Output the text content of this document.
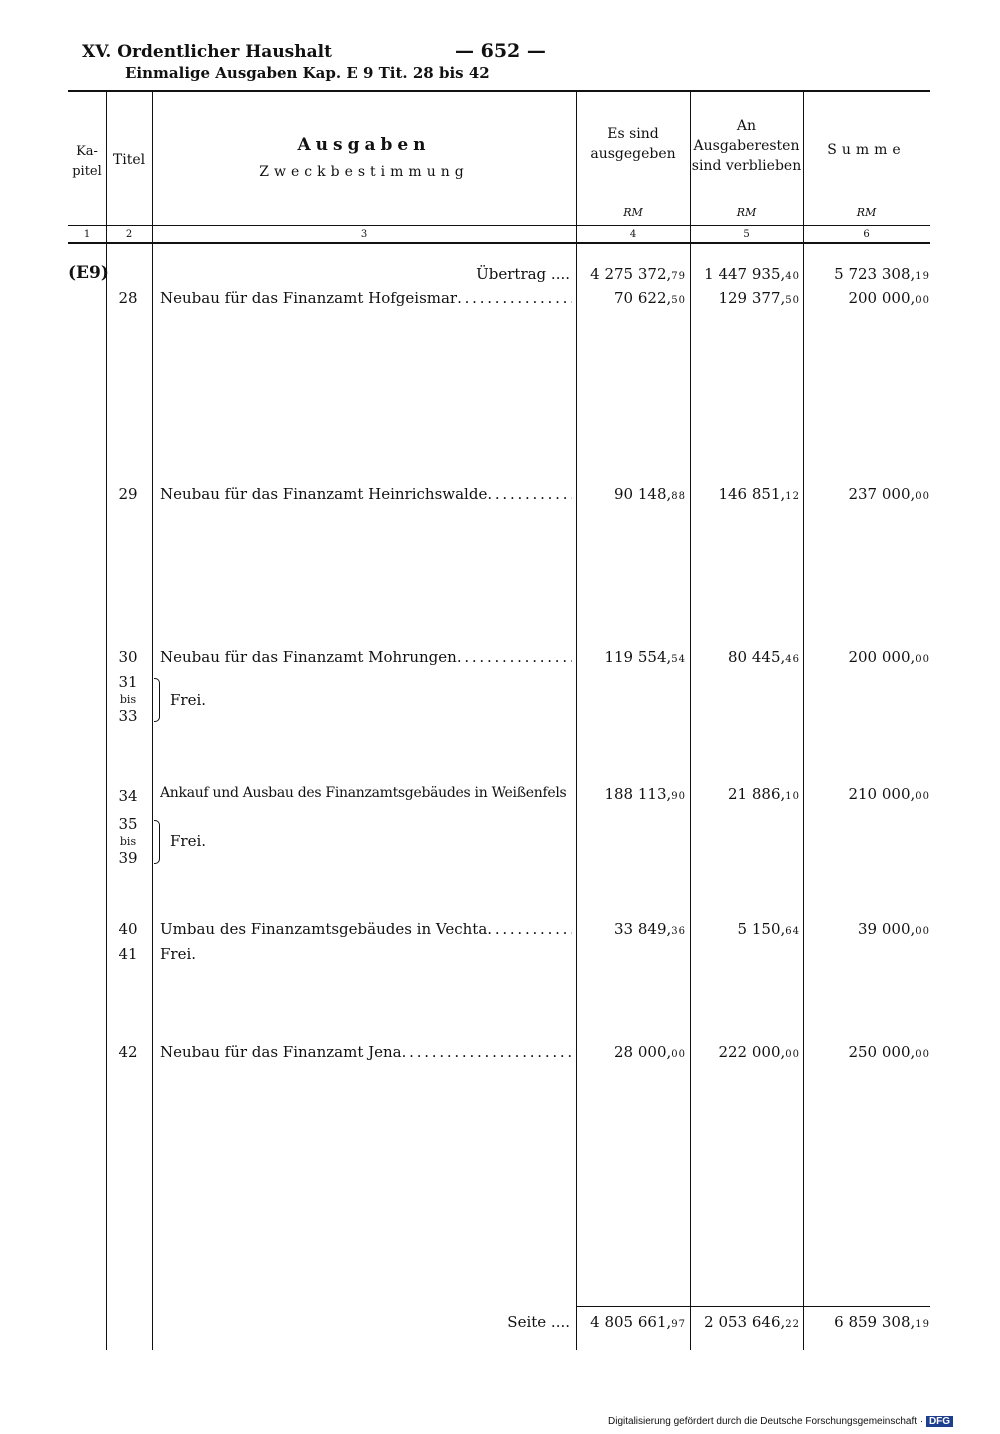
XV. Ordentlicher Haushalt	— 652 —
Einmalige Ausgaben Kap. E 9 Tit. 28 bis 42
Ka-
pitel
Titel
Ausgaben
Zweckbestimmung
Es sind
ausgegeben
An
Ausgaberesten
sind verblieben
Summe
RM	RM	RM
1	2	3	4	5	6
(E9)	Übertrag ....	4 275 372,79	1 447 935,40	5 723 308,19
28	Neubau für das Finanzamt Hofgeismar . . .	70 622,50	129 377,50	200 000,00
29	Neubau für das Finanzamt Heinrichswalde . . .	90 148,88	146 851,12	237 000,00
30	Neubau für das Finanzamt Mohrungen . . .	119 554,54	80 445,46	200 000,00
31
bis
33
Frei.
34	Ankauf und Ausbau des Finanzamtsgebäudes in Weißenfels	188 113,90	21 886,10	210 000,00
35
bis
39
Frei.
40	Umbau des Finanzamtsgebäudes in Vechta . . .	33 849,36	5 150,64	39 000,00
41	Frei.
42	Neubau für das Finanzamt Jena . . .	28 000,00	222 000,00	250 000,00
Seite ....	4 805 661,97	2 053 646,22	6 859 308,19
Digitalisierung gefördert durch die Deutsche Forschungsgemeinschaft · DFG
